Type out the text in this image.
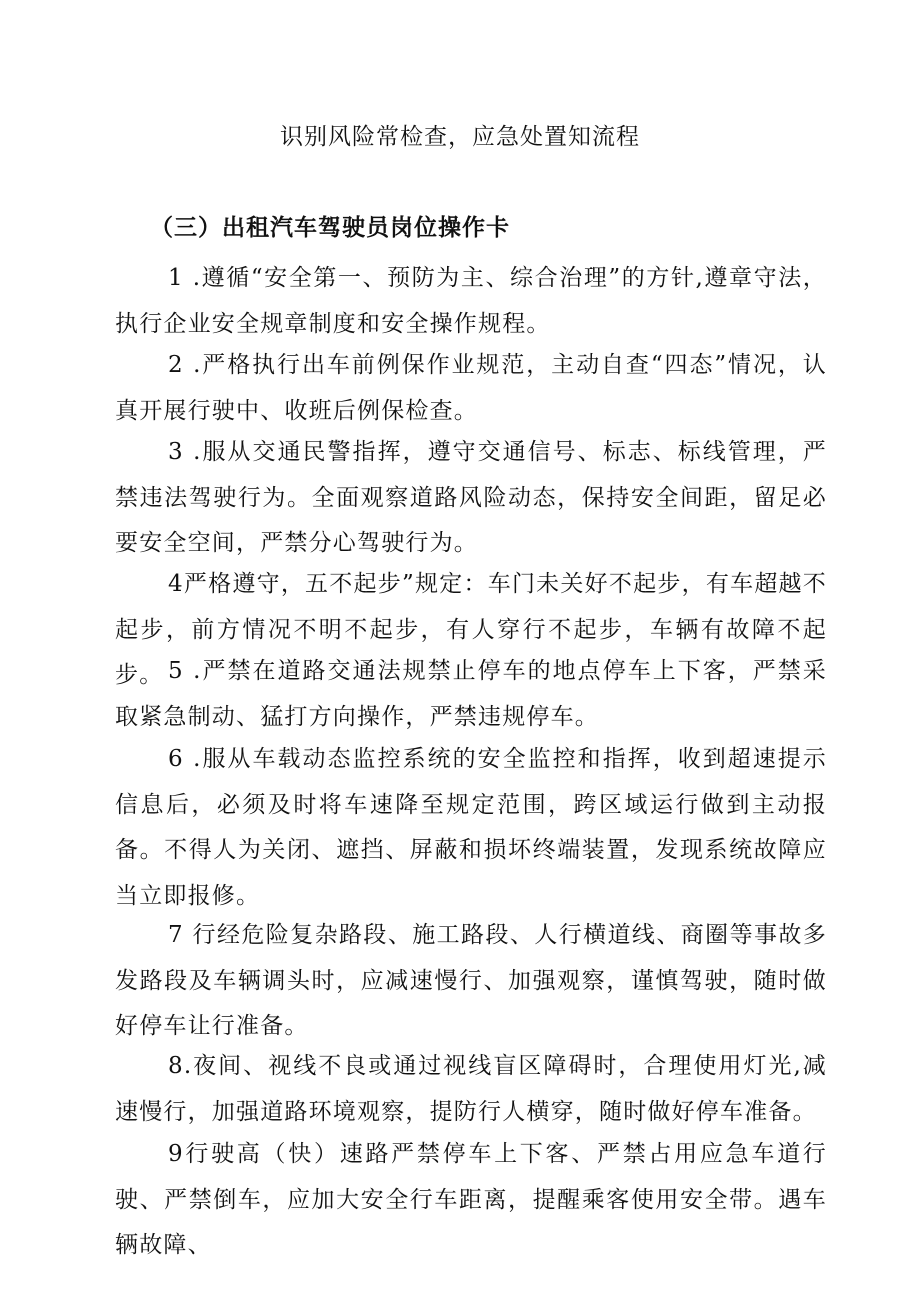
识别风险常检查，应急处置知流程
（三）出租汽车驾驶员岗位操作卡

1 .遵循“安全第一、预防为主、综合治理”的方针,遵章守法，执行企业安全规章制度和安全操作规程。

2 .严格执行出车前例保作业规范，主动自查“四态”情况，认真开展行驶中、收班后例保检查。

3 .服从交通民警指挥，遵守交通信号、标志、标线管理，严禁违法驾驶行为。全面观察道路风险动态，保持安全间距，留足必要安全空间，严禁分心驾驶行为。

4严格遵守，五不起步”规定：车门未关好不起步，有车超越不起步，前方情况不明不起步，有人穿行不起步，车辆有故障不起步。 5 .严禁在道路交通法规禁止停车的地点停车上下客，严禁采取紧急制动、猛打方向操作，严禁违规停车。

6 .服从车载动态监控系统的安全监控和指挥，收到超速提示信息后，必须及时将车速降至规定范围，跨区域运行做到主动报备。不得人为关闭、遮挡、屏蔽和损坏终端装置，发现系统故障应当立即报修。

7 行经危险复杂路段、施工路段、人行横道线、商圈等事故多发路段及车辆调头时，应减速慢行、加强观察，谨慎驾驶，随时做好停车让行准备。

8.夜间、视线不良或通过视线盲区障碍时，合理使用灯光,减速慢行，加强道路环境观察，提防行人横穿，随时做好停车准备。

9行驶高（快）速路严禁停车上下客、严禁占用应急车道行驶、严禁倒车，应加大安全行车距离，提醒乘客使用安全带。遇车辆故障、
